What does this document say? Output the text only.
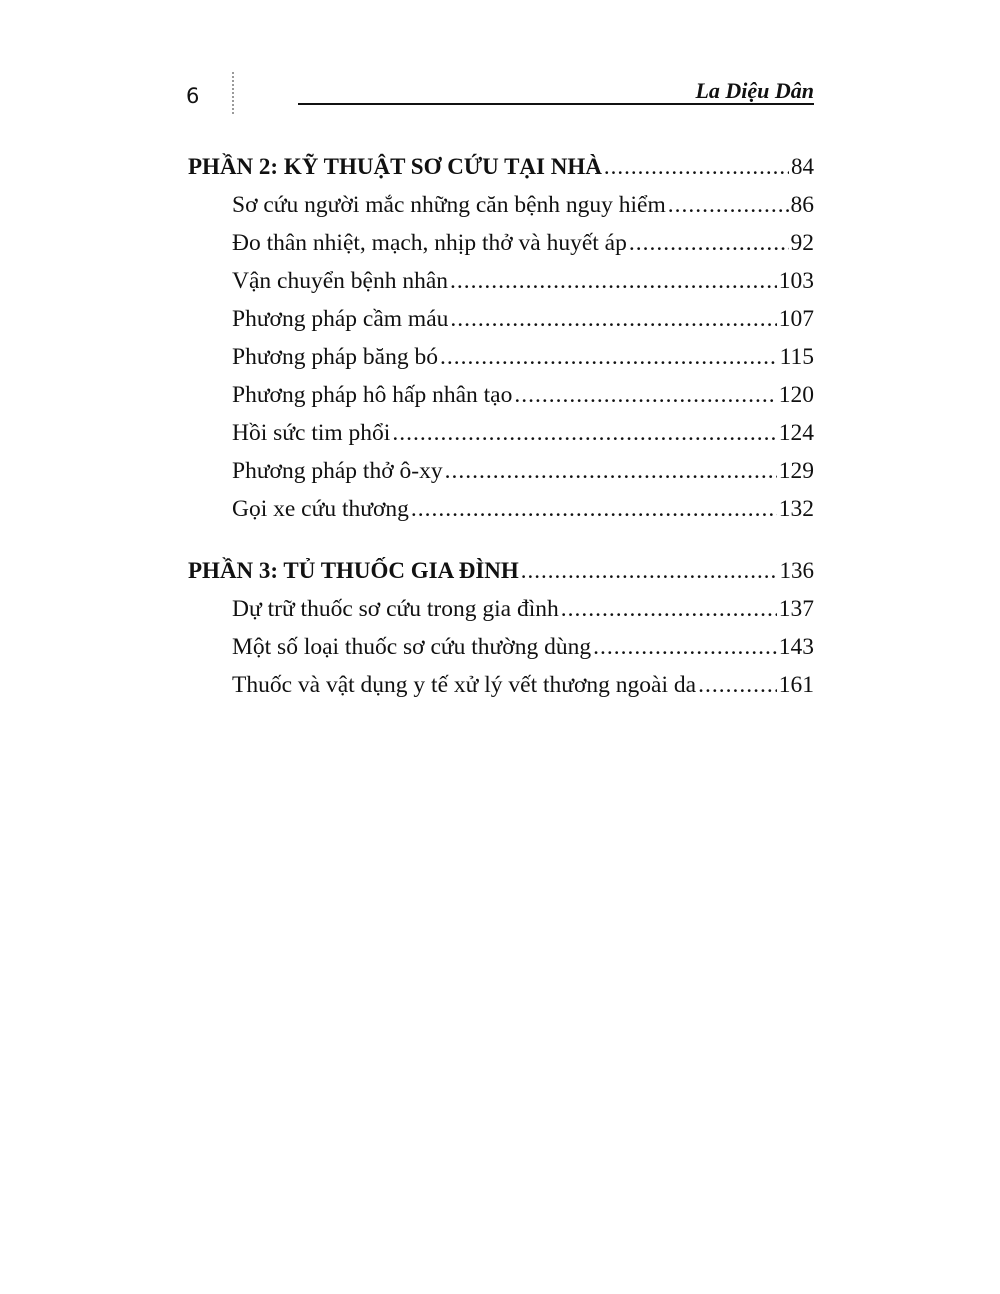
6	La Diệu Dân
PHẦN 2: KỸ THUẬT SƠ CỨU TẠI NHÀ .....	84
Sơ cứu người mắc những căn bệnh nguy hiểm .....	86
Đo thân nhiệt, mạch, nhịp thở và huyết áp .....	92
Vận chuyển bệnh nhân .....	103
Phương pháp cầm máu .....	107
Phương pháp băng bó .....	115
Phương pháp hô hấp nhân tạo .....	120
Hồi sức tim phổi .....	124
Phương pháp thở ô-xy .....	129
Gọi xe cứu thương .....	132
PHẦN 3: TỦ THUỐC GIA ĐÌNH .....	136
Dự trữ thuốc sơ cứu trong gia đình .....	137
Một số loại thuốc sơ cứu thường dùng .....	143
Thuốc và vật dụng y tế xử lý vết thương ngoài da .....	161
